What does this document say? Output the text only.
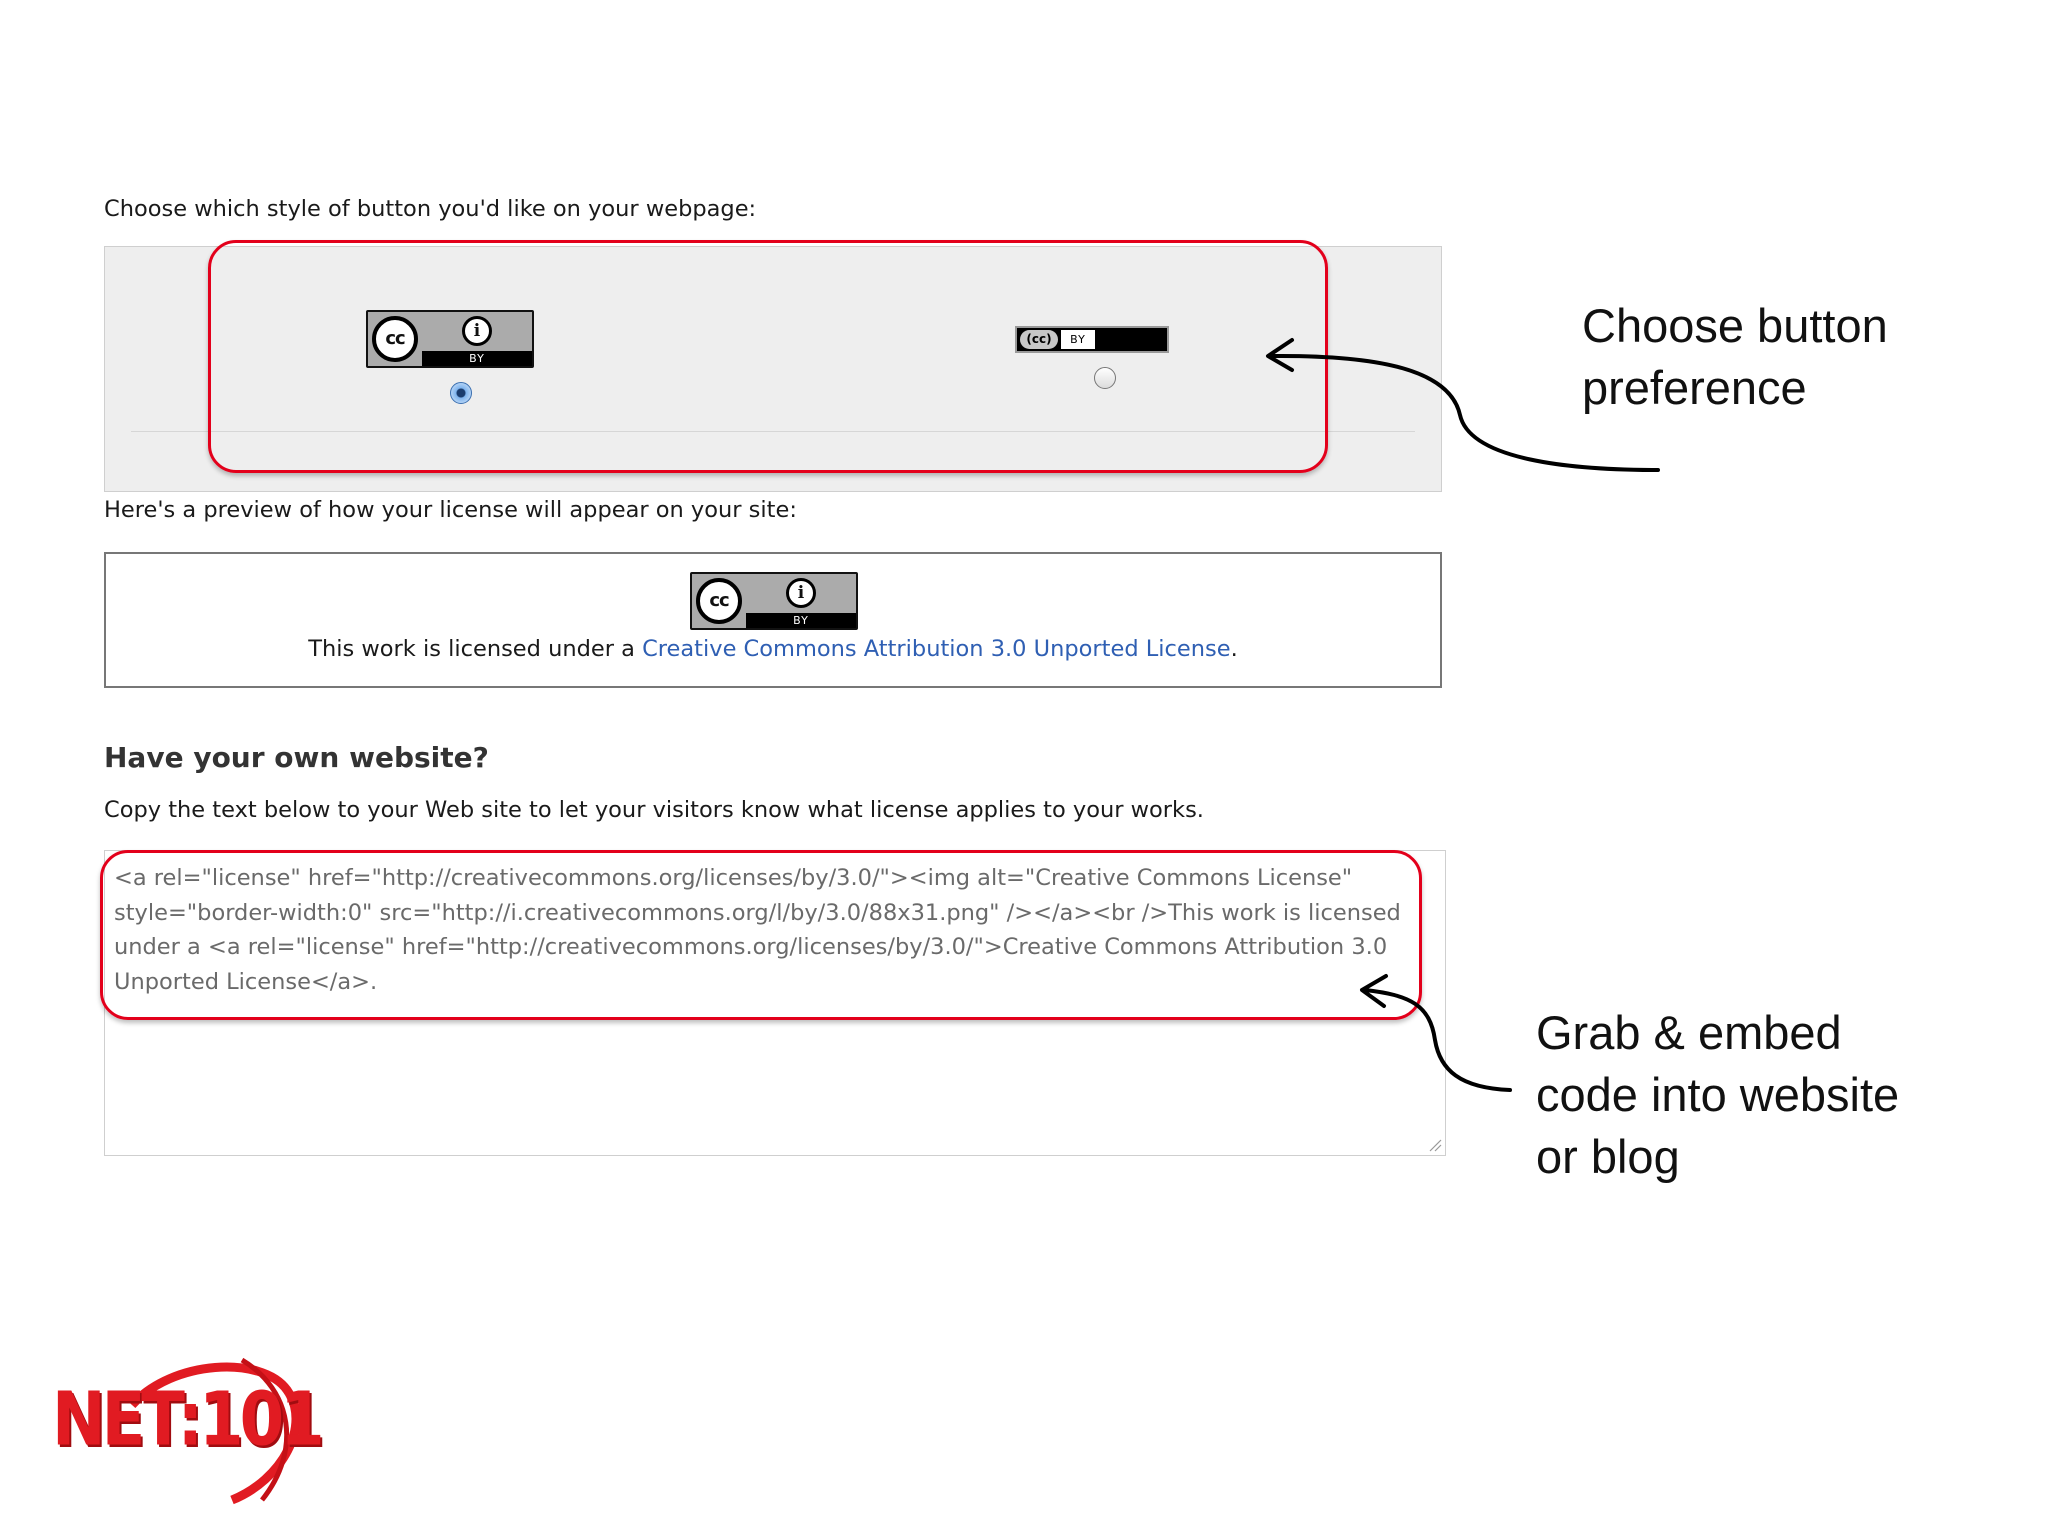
Choose which style of button you'd like on your webpage:
cc	i
BY
(cc)	BY
Here's a preview of how your license will appear on your site:
cc	i
BY
This work is licensed under a Creative Commons Attribution 3.0 Unported License.
Have your own website?
Copy the text below to your Web site to let your visitors know what license applies to your works.
<a rel="license" href="http://creativecommons.org/licenses/by/3.0/"><img alt="Creative Commons License"
style="border-width:0" src="http://i.creativecommons.org/l/by/3.0/88x31.png" /></a><br />This work is licensed
under a <a rel="license" href="http://creativecommons.org/licenses/by/3.0/">Creative Commons Attribution 3.0
Unported License</a>.
Choose button
preference
Grab & embed
code into website
or blog
NET:101
